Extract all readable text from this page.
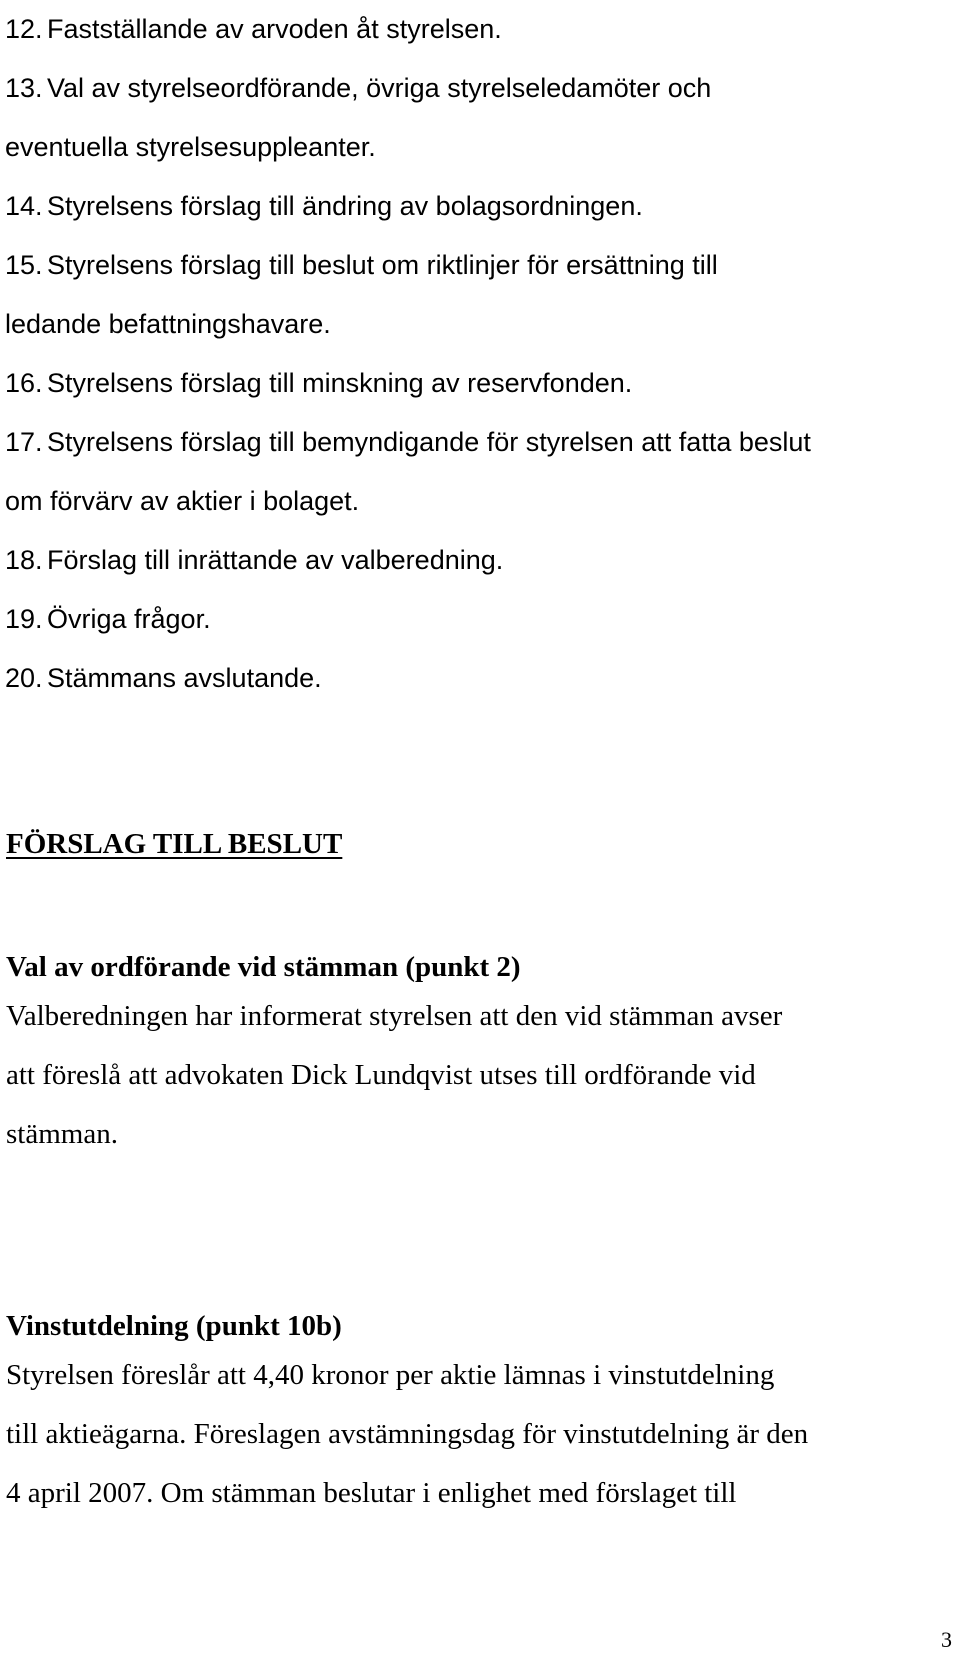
12. Fastställande av arvoden åt styrelsen.
13. Val av styrelseordförande, övriga styrelseledamöter och
eventuella styrelsesuppleanter.
14. Styrelsens förslag till ändring av bolagsordningen.
15. Styrelsens förslag till beslut om riktlinjer för ersättning till
ledande befattningshavare.
16. Styrelsens förslag till minskning av reservfonden.
17. Styrelsens förslag till bemyndigande för styrelsen att fatta beslut
om förvärv av aktier i bolaget.
18. Förslag till inrättande av valberedning.
19. Övriga frågor.
20. Stämmans avslutande.
FÖRSLAG TILL BESLUT
Val av ordförande vid stämman (punkt 2)
Valberedningen har informerat styrelsen att den vid stämman avser
att föreslå att advokaten Dick Lundqvist utses till ordförande vid
stämman.
Vinstutdelning (punkt 10b)
Styrelsen föreslår att 4,40 kronor per aktie lämnas i vinstutdelning
till aktieägarna. Föreslagen avstämningsdag för vinstutdelning är den
4 april 2007. Om stämman beslutar i enlighet med förslaget till
3
